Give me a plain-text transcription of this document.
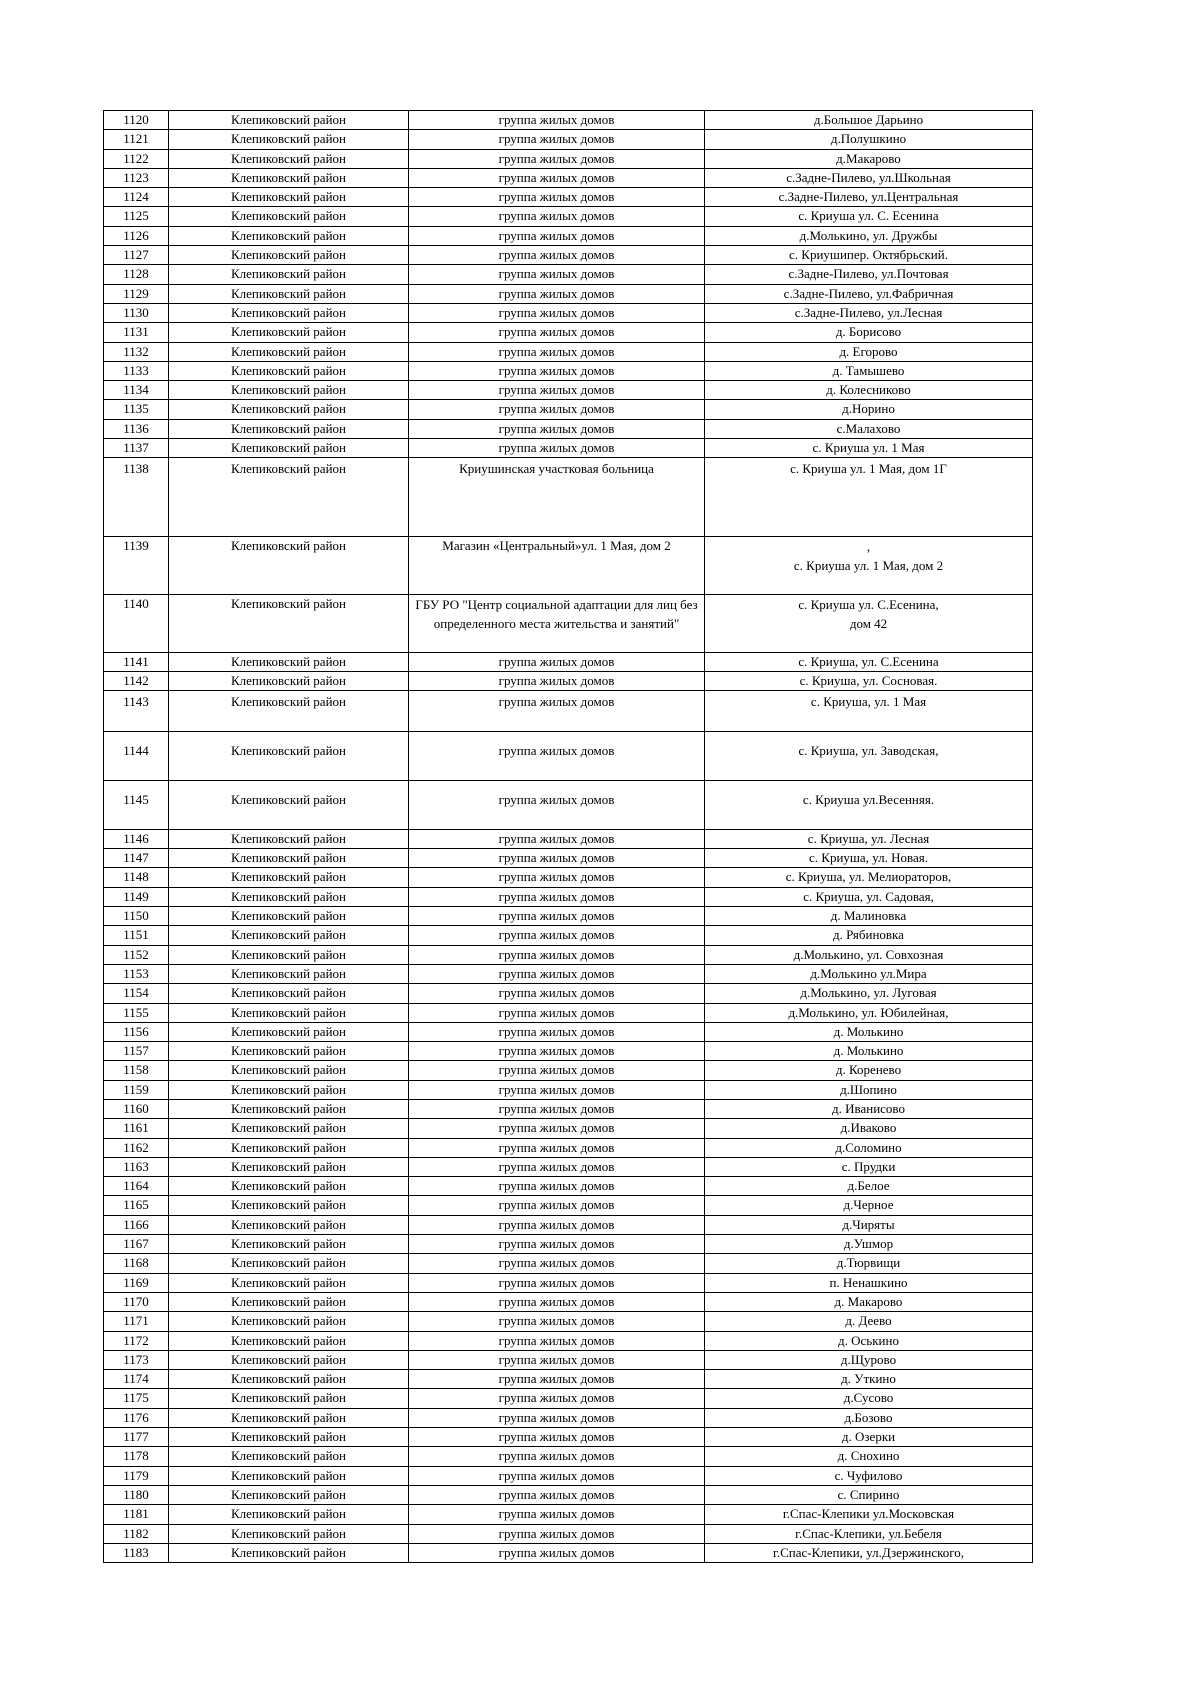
1120	Клепиковский район	группа жилых домов	д.Большое Дарьино
1121	Клепиковский район	группа жилых домов	д.Полушкино
1122	Клепиковский район	группа жилых домов	д.Макарово
1123	Клепиковский район	группа жилых домов	с.Задне-Пилево, ул.Школьная
1124	Клепиковский район	группа жилых домов	с.Задне-Пилево, ул.Центральная
1125	Клепиковский район	группа жилых домов	с. Криуша ул. С. Есенина
1126	Клепиковский район	группа жилых домов	д.Молькино, ул. Дружбы
1127	Клепиковский район	группа жилых домов	с. Криушипер. Октябрьский.
1128	Клепиковский район	группа жилых домов	с.Задне-Пилево, ул.Почтовая
1129	Клепиковский район	группа жилых домов	с.Задне-Пилево, ул.Фабричная
1130	Клепиковский район	группа жилых домов	с.Задне-Пилево, ул.Лесная
1131	Клепиковский район	группа жилых домов	д. Борисово
1132	Клепиковский район	группа жилых домов	д. Егорово
1133	Клепиковский район	группа жилых домов	д. Тамышево
1134	Клепиковский район	группа жилых домов	д. Колесниково
1135	Клепиковский район	группа жилых домов	д.Норино
1136	Клепиковский район	группа жилых домов	с.Малахово
1137	Клепиковский район	группа жилых домов	с. Криуша ул. 1 Мая
1138	Клепиковский район	Криушинская участковая больница	с. Криуша ул. 1 Мая, дом 1Г
1139	Клепиковский район	Магазин «Центральный»ул. 1 Мая, дом 2	,
с. Криуша ул. 1 Мая, дом 2

1140	Клепиковский район	ГБУ РО "Центр социальной адаптации для лиц без определенного места жительства и занятий"	с. Криуша ул. С.Есенина,
дом 42

1141	Клепиковский район	группа жилых домов	с. Криуша, ул. С.Есенина
1142	Клепиковский район	группа жилых домов	с. Криуша, ул. Сосновая.
1143	Клепиковский район	группа жилых домов	с. Криуша, ул. 1 Мая
1144	Клепиковский район	группа жилых домов	с. Криуша, ул. Заводская,
1145	Клепиковский район	группа жилых домов	с. Криуша ул.Весенняя.
1146	Клепиковский район	группа жилых домов	с. Криуша, ул. Лесная
1147	Клепиковский район	группа жилых домов	с. Криуша, ул. Новая.
1148	Клепиковский район	группа жилых домов	с. Криуша, ул. Мелиораторов,
1149	Клепиковский район	группа жилых домов	с. Криуша, ул. Садовая,
1150	Клепиковский район	группа жилых домов	д. Малиновка
1151	Клепиковский район	группа жилых домов	д. Рябиновка
1152	Клепиковский район	группа жилых домов	д.Молькино, ул. Совхозная
1153	Клепиковский район	группа жилых домов	д.Молькино ул.Мира
1154	Клепиковский район	группа жилых домов	д.Молькино, ул. Луговая
1155	Клепиковский район	группа жилых домов	д.Молькино, ул. Юбилейная,
1156	Клепиковский район	группа жилых домов	д. Молькино
1157	Клепиковский район	группа жилых домов	д. Молькино
1158	Клепиковский район	группа жилых домов	д. Коренево
1159	Клепиковский район	группа жилых домов	д.Шопино
1160	Клепиковский район	группа жилых домов	д. Иванисово
1161	Клепиковский район	группа жилых домов	д.Иваково
1162	Клепиковский район	группа жилых домов	д.Соломино
1163	Клепиковский район	группа жилых домов	с. Прудки
1164	Клепиковский район	группа жилых домов	д.Белое
1165	Клепиковский район	группа жилых домов	д.Черное
1166	Клепиковский район	группа жилых домов	д.Чиряты
1167	Клепиковский район	группа жилых домов	д.Ушмор
1168	Клепиковский район	группа жилых домов	д.Тюрвищи
1169	Клепиковский район	группа жилых домов	п. Ненашкино
1170	Клепиковский район	группа жилых домов	д. Макарово
1171	Клепиковский район	группа жилых домов	д. Деево
1172	Клепиковский район	группа жилых домов	д. Оськино
1173	Клепиковский район	группа жилых домов	д.Щурово
1174	Клепиковский район	группа жилых домов	д. Уткино
1175	Клепиковский район	группа жилых домов	д.Сусово
1176	Клепиковский район	группа жилых домов	д.Бозово
1177	Клепиковский район	группа жилых домов	д. Озерки
1178	Клепиковский район	группа жилых домов	д. Снохино
1179	Клепиковский район	группа жилых домов	с. Чуфилово
1180	Клепиковский район	группа жилых домов	с. Спирино
1181	Клепиковский район	группа жилых домов	г.Спас-Клепики ул.Московская
1182	Клепиковский район	группа жилых домов	г.Спас-Клепики, ул.Бебеля
1183	Клепиковский район	группа жилых домов	г.Спас-Клепики, ул.Дзержинского,
